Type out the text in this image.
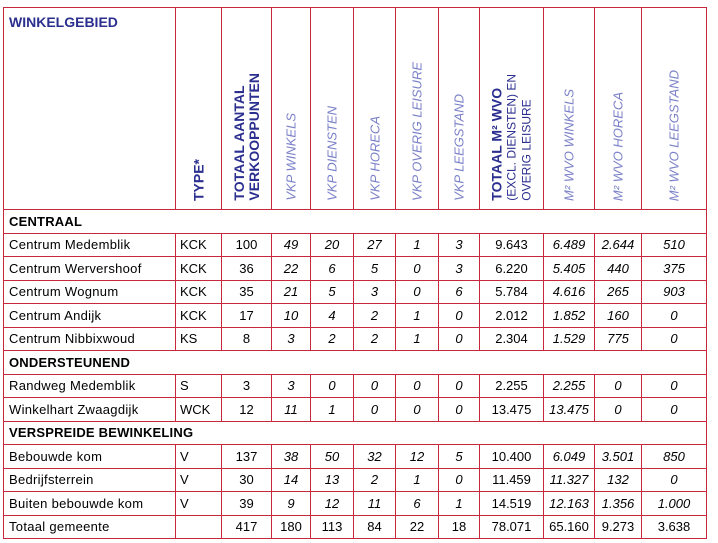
WINKELGEBIED	TYPE*	TOTAAL AANTAL
VERKOOPPUNTEN	VKP WINKELS	VKP DIENSTEN	VKP HORECA	VKP OVERIG LEISURE	VKP LEEGSTAND	TOTAAL M² WVO
(EXCL. DIENSTEN) EN
OVERIG LEISURE	M² WVO WINKELS	M² WVO HORECA	M² WVO LEEGSTAND

CENTRAAL											
Centrum Medemblik	KCK	100	49	20	27	1	3	9.643	6.489	2.644	510
Centrum Wervershoof	KCK	36	22	6	5	0	3	6.220	5.405	440	375
Centrum Wognum	KCK	35	21	5	3	0	6	5.784	4.616	265	903
Centrum Andijk	KCK	17	10	4	2	1	0	2.012	1.852	160	0
Centrum Nibbixwoud	KS	8	3	2	2	1	0	2.304	1.529	775	0
ONDERSTEUNEND											
Randweg Medemblik	S	3	3	0	0	0	0	2.255	2.255	0	0
Winkelhart Zwaagdijk	WCK	12	11	1	0	0	0	13.475	13.475	0	0
VERSPREIDE BEWINKELING											
Bebouwde kom	V	137	38	50	32	12	5	10.400	6.049	3.501	850
Bedrijfsterrein	V	30	14	13	2	1	0	11.459	11.327	132	0
Buiten bebouwde kom	V	39	9	12	11	6	1	14.519	12.163	1.356	1.000
Totaal gemeente		417	180	113	84	22	18	78.071	65.160	9.273	3.638
